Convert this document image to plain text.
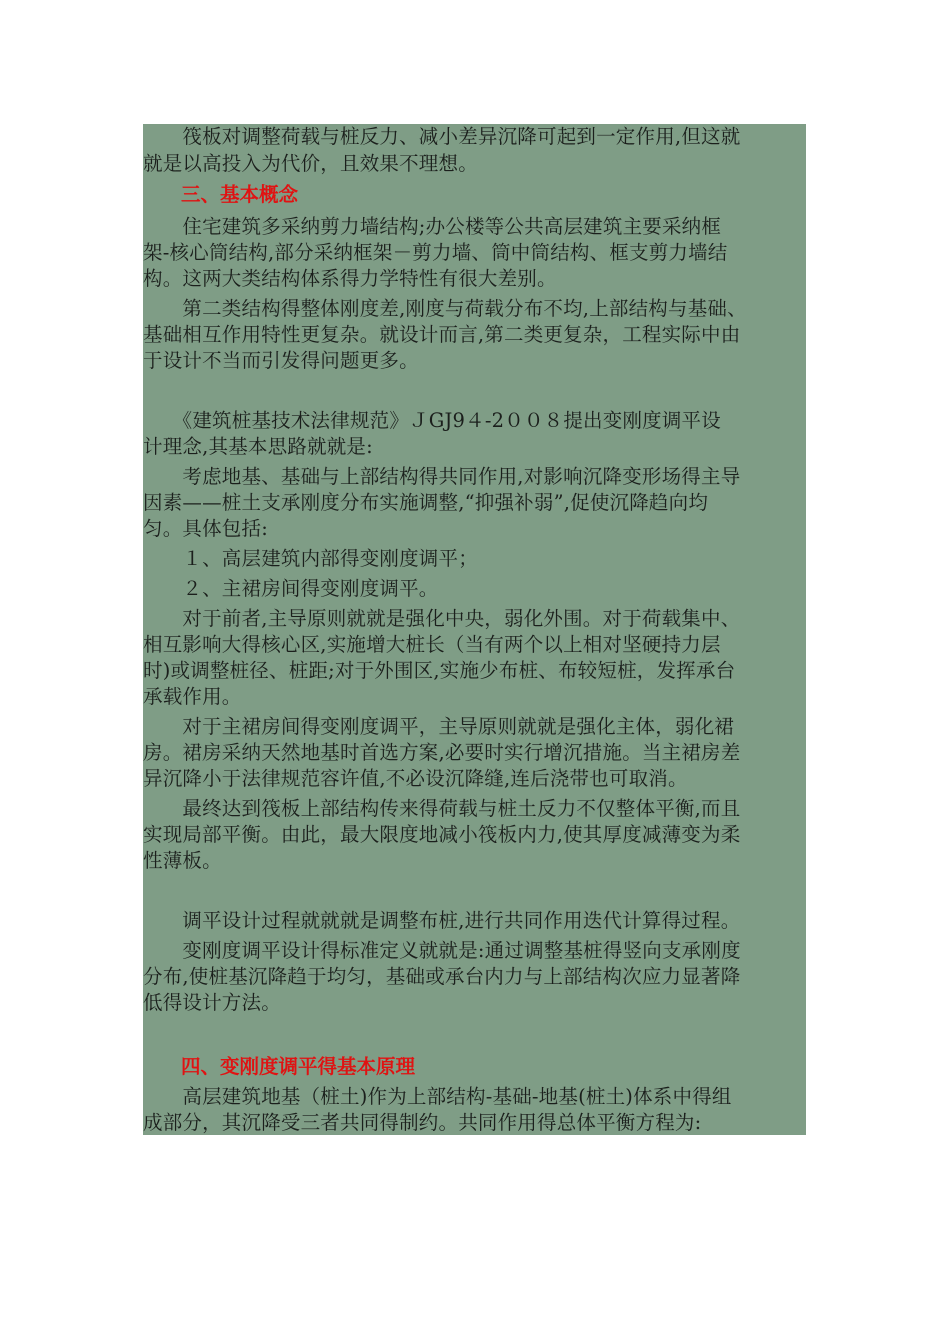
　　筏板对调整荷载与桩反力、减小差异沉降可起到一定作用,但这就
就是以高投入为代价，且效果不理想。
三、基本概念
　　住宅建筑多采纳剪力墙结构;办公楼等公共高层建筑主要采纳框
架-核心筒结构,部分采纳框架－剪力墙、筒中筒结构、框支剪力墙结
构。这两大类结构体系得力学特性有很大差别。
　　第二类结构得整体刚度差,刚度与荷载分布不均,上部结构与基础、
基础相互作用特性更复杂。就设计而言,第二类更复杂，工程实际中由
于设计不当而引发得问题更多。
　　《建筑桩基技术法律规范》ＪGJ9４-2００８提出变刚度调平设
计理念,其基本思路就就是:
　　考虑地基、基础与上部结构得共同作用,对影响沉降变形场得主导
因素——桩土支承刚度分布实施调整,“抑强补弱”,促使沉降趋向均
匀。具体包括:
　　１、高层建筑内部得变刚度调平；
　　２、主裙房间得变刚度调平。
　　对于前者,主导原则就就是强化中央，弱化外围。对于荷载集中、
相互影响大得核心区,实施增大桩长（当有两个以上相对坚硬持力层
时)或调整桩径、桩距;对于外围区,实施少布桩、布较短桩，发挥承台
承载作用。
　　对于主裙房间得变刚度调平，主导原则就就是强化主体，弱化裙
房。裙房采纳天然地基时首选方案,必要时实行增沉措施。当主裙房差
异沉降小于法律规范容许值,不必设沉降缝,连后浇带也可取消。
　　最终达到筏板上部结构传来得荷载与桩土反力不仅整体平衡,而且
实现局部平衡。由此，最大限度地减小筏板内力,使其厚度减薄变为柔
性薄板。
　　调平设计过程就就就是调整布桩,进行共同作用迭代计算得过程。
　　变刚度调平设计得标准定义就就是:通过调整基桩得竖向支承刚度
分布,使桩基沉降趋于均匀，基础或承台内力与上部结构次应力显著降
低得设计方法。
四、变刚度调平得基本原理
　　高层建筑地基（桩土)作为上部结构-基础-地基(桩土)体系中得组
成部分，其沉降受三者共同得制约。共同作用得总体平衡方程为:
